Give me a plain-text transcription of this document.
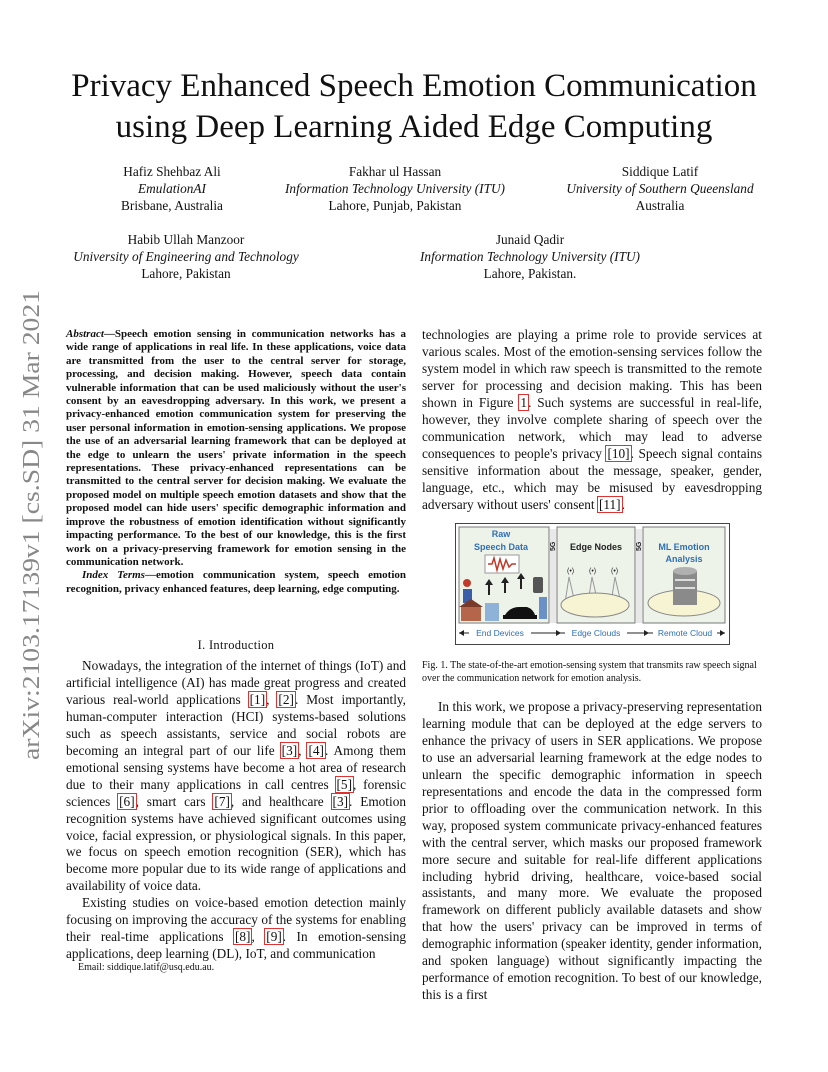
arXiv:2103.17139v1 [cs.SD] 31 Mar 2021
Privacy Enhanced Speech Emotion Communication
using Deep Learning Aided Edge Computing
Hafiz Shehbaz Ali
EmulationAI
Brisbane, Australia
Fakhar ul Hassan
Information Technology University (ITU)
Lahore, Punjab, Pakistan
Siddique Latif
University of Southern Queensland
Australia
Habib Ullah Manzoor
University of Engineering and Technology
Lahore, Pakistan
Junaid Qadir
Information Technology University (ITU)
Lahore, Pakistan.

Abstract—Speech emotion sensing in communication networks has a wide range of applications in real life. In these applications, voice data are transmitted from the user to the central server for storage, processing, and decision making. However, speech data contain vulnerable information that can be used maliciously without the user's consent by an eavesdropping adversary. In this work, we present a privacy-enhanced emotion communication system for preserving the user personal information in emotion-sensing applications. We propose the use of an adversarial learning framework that can be deployed at the edge to unlearn the users' private information in the speech representations. These privacy-enhanced representations can be transmitted to the central server for decision making. We evaluate the proposed model on multiple speech emotion datasets and show that the proposed model can hide users' specific demographic information and improve the robustness of emotion identification without significantly impacting performance. To the best of our knowledge, this is the first work on a privacy-preserving framework for emotion sensing in the communication network.

Index Terms—emotion communication system, speech emotion recognition, privacy enhanced features, deep learning, edge computing.

I. Introduction

Nowadays, the integration of the internet of things (IoT) and artificial intelligence (AI) has made great progress and created various real-world applications [1], [2]. Most importantly, human-computer interaction (HCI) systems-based solutions such as speech assistants, service and social robots are becoming an integral part of our life [3], [4]. Among them emotional sensing systems have become a hot area of research due to their many applications in call centres [5], forensic sciences [6], smart cars [7], and healthcare [3]. Emotion recognition systems have achieved significant outcomes using voice, facial expression, or physiological signals. In this paper, we focus on speech emotion recognition (SER), which has become more popular due to its wide range of applications and availability of voice data.

Existing studies on voice-based emotion detection mainly focusing on improving the accuracy of the systems for enabling their real-time applications [8], [9]. In emotion-sensing applications, deep learning (DL), IoT, and communication

Email: siddique.latif@usq.edu.au.

technologies are playing a prime role to provide services at various scales. Most of the emotion-sensing services follow the system model in which raw speech is transmitted to the remote server for processing and decision making. This has been shown in Figure 1. Such systems are successful in real-life, however, they involve complete sharing of speech over the communication network, which may lead to adverse consequences to people's privacy [10]. Speech signal contains sensitive information about the message, speaker, gender, language, etc., which may be misused by eavesdropping adversary without users' consent [11].

5G	5G
Raw
Speech Data	Edge Nodes
(•) (•) (•)
ML Emotion
Analysis
End Devices	Edge Clouds	Remote Cloud
Fig. 1. The state-of-the-art emotion-sensing system that transmits raw speech signal over the communication network for emotion analysis.

In this work, we propose a privacy-preserving representation learning module that can be deployed at the edge servers to enhance the privacy of users in SER applications. We propose to use an adversarial learning framework at the edge nodes to unlearn the specific demographic information in speech representations and encode the data in the compressed form prior to offloading over the communication network. In this way, proposed system communicate privacy-enhanced features with the central server, which masks our proposed framework more secure and suitable for real-life different applications including hybrid driving, healthcare, voice-based social assistants, and many more. We evaluate the proposed framework on different publicly available datasets and show that how the users' privacy can be improved in terms of demographic information (speaker identity, gender information, and spoken language) without significantly impacting the performance of emotion recognition. To best of our knowledge, this is a first
